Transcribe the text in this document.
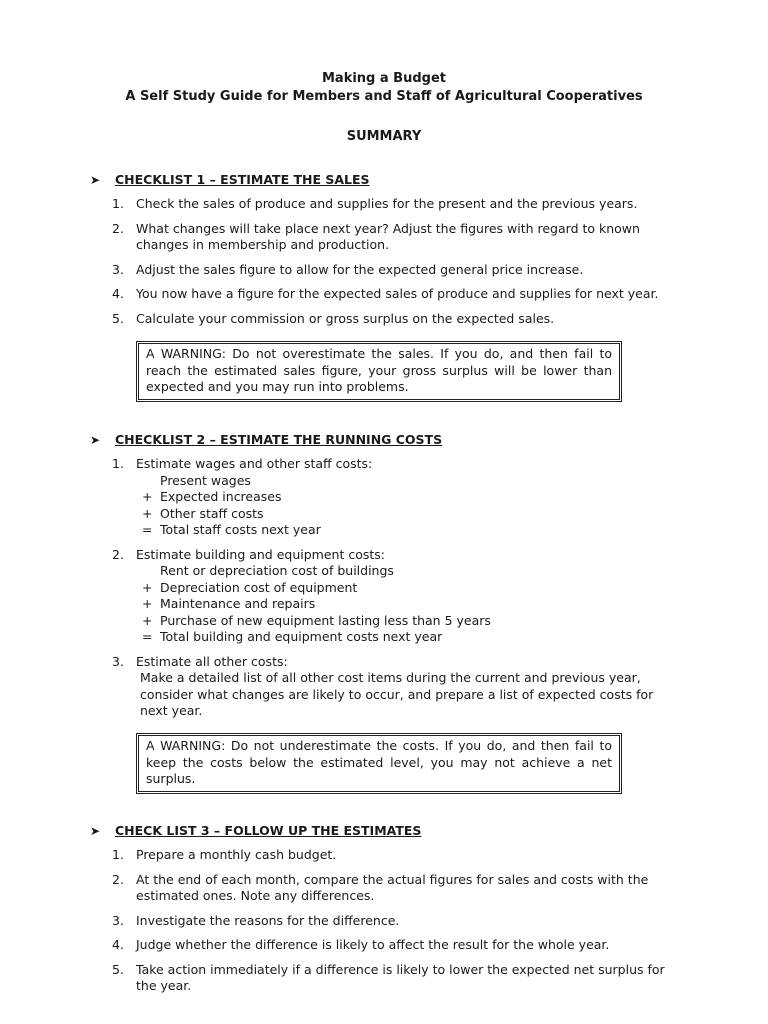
Making a Budget
A Self Study Guide for Members and Staff of Agricultural Cooperatives
SUMMARY
➤	CHECKLIST 1 – ESTIMATE THE SALES
1. Check the sales of produce and supplies for the present and the previous years.
2. What changes will take place next year? Adjust the figures with regard to known changes in membership and production.
3. Adjust the sales figure to allow for the expected general price increase.
4. You now have a figure for the expected sales of produce and supplies for next year.
5. Calculate your commission or gross surplus on the expected sales.
A WARNING: Do not overestimate the sales. If you do, and then fail to reach the estimated sales figure, your gross surplus will be lower than expected and you may run into problems.
➤	CHECKLIST 2 – ESTIMATE THE RUNNING COSTS
1. Estimate wages and other staff costs:
Present wages
+ Expected increases
+ Other staff costs
= Total staff costs next year
2. Estimate building and equipment costs:
Rent or depreciation cost of buildings
+ Depreciation cost of equipment
+ Maintenance and repairs
+ Purchase of new equipment lasting less than 5 years
= Total building and equipment costs next year
3. Estimate all other costs:
Make a detailed list of all other cost items during the current and previous year, consider what changes are likely to occur, and prepare a list of expected costs for next year.
A WARNING: Do not underestimate the costs. If you do, and then fail to keep the costs below the estimated level, you may not achieve a net surplus.
➤	CHECK LIST 3 – FOLLOW UP THE ESTIMATES
1. Prepare a monthly cash budget.
2. At the end of each month, compare the actual figures for sales and costs with the estimated ones. Note any differences.
3. Investigate the reasons for the difference.
4. Judge whether the difference is likely to affect the result for the whole year.
5. Take action immediately if a difference is likely to lower the expected net surplus for the year.
